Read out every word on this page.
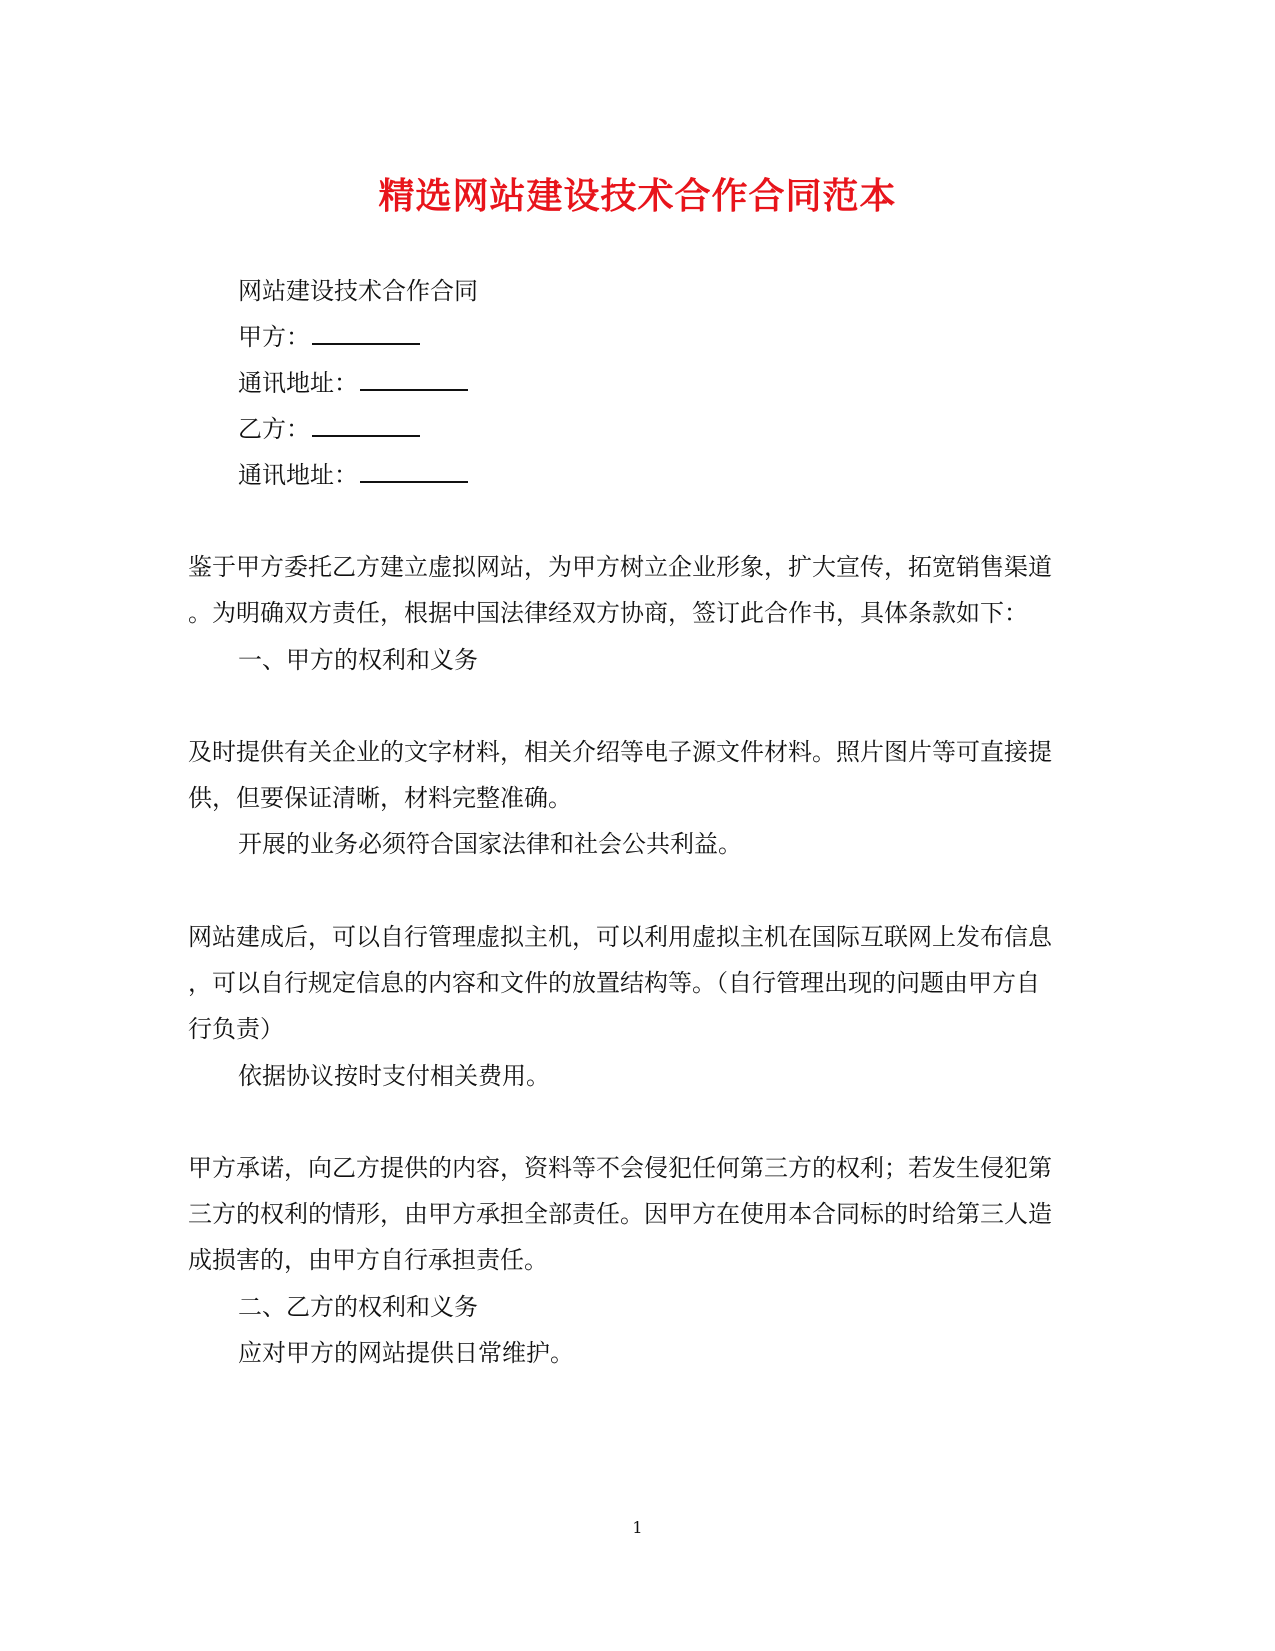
精选网站建设技术合作合同范本
网站建设技术合作合同
甲方：
通讯地址：
乙方：
通讯地址：
鉴于甲方委托乙方建立虚拟网站，为甲方树立企业形象，扩大宣传，拓宽销售渠道
。为明确双方责任，根据中国法律经双方协商，签订此合作书，具体条款如下：
一、甲方的权利和义务
及时提供有关企业的文字材料，相关介绍等电子源文件材料。照片图片等可直接提
供，但要保证清晰，材料完整准确。
开展的业务必须符合国家法律和社会公共利益。
网站建成后，可以自行管理虚拟主机，可以利用虚拟主机在国际互联网上发布信息
，可以自行规定信息的内容和文件的放置结构等。（自行管理出现的问题由甲方自
行负责）
依据协议按时支付相关费用。
甲方承诺，向乙方提供的内容，资料等不会侵犯任何第三方的权利；若发生侵犯第
三方的权利的情形，由甲方承担全部责任。因甲方在使用本合同标的时给第三人造
成损害的，由甲方自行承担责任。
二、乙方的权利和义务
应对甲方的网站提供日常维护。
1
